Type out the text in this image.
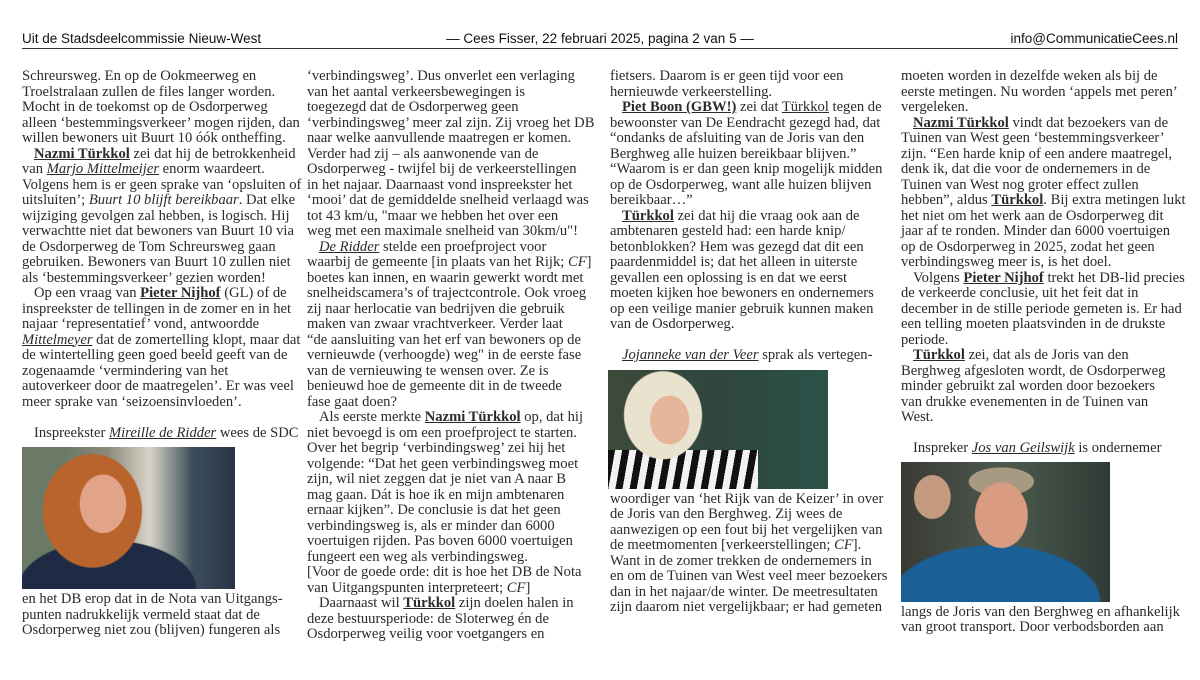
Uit de Stadsdeelcommissie Nieuw-West	— Cees Fisser, 22 februari 2025, pagina 2 van 5 —	info@CommunicatieCees.nl
Schreursweg. En op de Ookmeerweg en
Troelstralaan zullen de files langer worden.
Mocht in de toekomst op de Osdorperweg
alleen ‘bestemmingsverkeer’ mogen rijden, dan
willen bewoners uit Buurt 10 óók ontheffing.
Nazmi Türkkol zei dat hij de betrokkenheid
van Marjo Mittelmeijer enorm waardeert.
Volgens hem is er geen sprake van ‘opsluiten of
uitsluiten’; Buurt 10 blijft bereikbaar. Dat elke
wijziging gevolgen zal hebben, is logisch. Hij
verwachtte niet dat bewoners van Buurt 10 via
de Osdorperweg de Tom Schreursweg gaan
gebruiken. Bewoners van Buurt 10 zullen niet
als ‘bestemmingsverkeer’ gezien worden!
Op een vraag van Pieter Nijhof (GL) of de
inspreekster de tellingen in de zomer en in het
najaar ‘representatief’ vond, antwoordde
Mittelmeyer dat de zomertelling klopt, maar dat
de wintertelling geen goed beeld geeft van de
zogenaamde ‘vermindering van het
autoverkeer door de maatregelen’. Er was veel
meer sprake van ‘seizoensinvloeden’.
Inspreekster Mireille de Ridder wees de SDC
en het DB erop dat in de Nota van Uitgangs-
punten nadrukkelijk vermeld staat dat de
Osdorperweg niet zou (blijven) fungeren als
‘verbindingsweg’. Dus onverlet een verlaging
van het aantal verkeersbewegingen is
toegezegd dat de Osdorperweg geen
‘verbindingsweg’ meer zal zijn. Zij vroeg het DB
naar welke aanvullende maatregen er komen.
Verder had zij – als aanwonende van de
Osdorperweg - twijfel bij de verkeerstellingen
in het najaar. Daarnaast vond inspreekster het
‘mooi’ dat de gemiddelde snelheid verlaagd was
tot 43 km/u, "maar we hebben het over een
weg met een maximale snelheid van 30km/u"!
De Ridder stelde een proefproject voor
waarbij de gemeente [in plaats van het Rijk; CF]
boetes kan innen, en waarin gewerkt wordt met
snelheidscamera’s of trajectcontrole. Ook vroeg
zij naar herlocatie van bedrijven die gebruik
maken van zwaar vrachtverkeer. Verder laat
“de aansluiting van het erf van bewoners op de
vernieuwde (verhoogde) weg" in de eerste fase
van de vernieuwing te wensen over. Ze is
benieuwd hoe de gemeente dit in de tweede
fase gaat doen?
Als eerste merkte Nazmi Türkkol op, dat hij
niet bevoegd is om een proefproject te starten.
Over het begrip ‘verbindingsweg’ zei hij het
volgende: “Dat het geen verbindingsweg moet
zijn, wil niet zeggen dat je niet van A naar B
mag gaan. Dát is hoe ik en mijn ambtenaren
ernaar kijken”. De conclusie is dat het geen
verbindingsweg is, als er minder dan 6000
voertuigen rijden. Pas boven 6000 voertuigen
fungeert een weg als verbindingsweg.
[Voor de goede orde: dit is hoe het DB de Nota
van Uitgangspunten interpreteert; CF]
Daarnaast wil Türkkol zijn doelen halen in
deze bestuursperiode: de Sloterweg én de
Osdorperweg veilig voor voetgangers en
fietsers. Daarom is er geen tijd voor een
hernieuwde verkeerstelling.
Piet Boon (GBW!) zei dat Türkkol tegen de
bewoonster van De Eendracht gezegd had, dat
“ondanks de afsluiting van de Joris van den
Berghweg alle huizen bereikbaar blijven.”
“Waarom is er dan geen knip mogelijk midden
op de Osdorperweg, want alle huizen blijven
bereikbaar…”
Türkkol zei dat hij die vraag ook aan de
ambtenaren gesteld had: een harde knip/
betonblokken? Hem was gezegd dat dit een
paardenmiddel is; dat het alleen in uiterste
gevallen een oplossing is en dat we eerst
moeten kijken hoe bewoners en ondernemers
op een veilige manier gebruik kunnen maken
van de Osdorperweg.
Jojanneke van der Veer sprak als vertegen-
woordiger van ‘het Rijk van de Keizer’ in over
de Joris van den Berghweg. Zij wees de
aanwezigen op een fout bij het vergelijken van
de meetmomenten [verkeerstellingen; CF].
Want in de zomer trekken de ondernemers in
en om de Tuinen van West veel meer bezoekers
dan in het najaar/de winter. De meetresultaten
zijn daarom niet vergelijkbaar; er had gemeten
moeten worden in dezelfde weken als bij de
eerste metingen. Nu worden ‘appels met peren’
vergeleken.
Nazmi Türkkol vindt dat bezoekers van de
Tuinen van West geen ‘bestemmingsverkeer’
zijn. “Een harde knip of een andere maatregel,
denk ik, dat die voor de ondernemers in de
Tuinen van West nog groter effect zullen
hebben”, aldus Türkkol. Bij extra metingen lukt
het niet om het werk aan de Osdorperweg dit
jaar af te ronden. Minder dan 6000 voertuigen
op de Osdorperweg in 2025, zodat het geen
verbindingsweg meer is, is het doel.
Volgens Pieter Nijhof trekt het DB-lid precies
de verkeerde conclusie, uit het feit dat in
december in de stille periode gemeten is. Er had
een telling moeten plaatsvinden in de drukste
periode.
Türkkol zei, dat als de Joris van den
Berghweg afgesloten wordt, de Osdorperweg
minder gebruikt zal worden door bezoekers
van drukke evenementen in de Tuinen van
West.
Inspreker Jos van Geilswijk is ondernemer
langs de Joris van den Berghweg en afhankelijk
van groot transport. Door verbodsborden aan
